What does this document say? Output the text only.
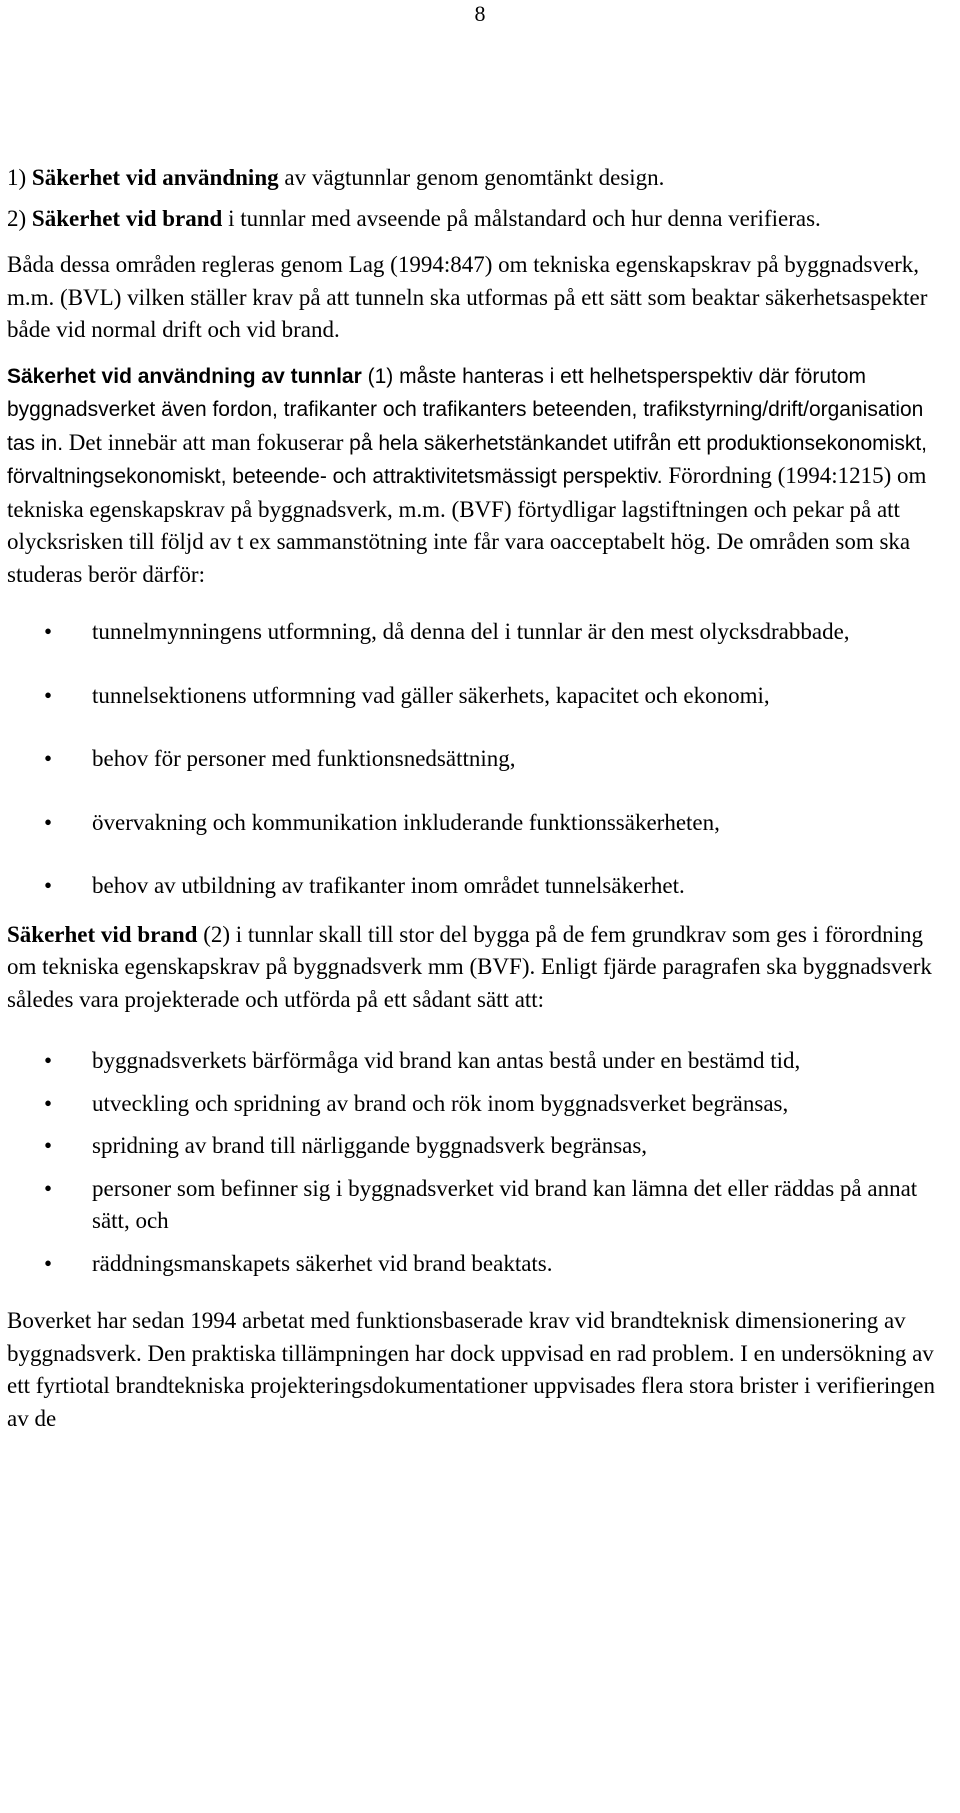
8

1) Säkerhet vid användning av vägtunnlar genom genomtänkt design.

2) Säkerhet vid brand i tunnlar med avseende på målstandard och hur denna verifieras.

Båda dessa områden regleras genom Lag (1994:847) om tekniska egenskapskrav på byggnadsverk, m.m. (BVL) vilken ställer krav på att tunneln ska utformas på ett sätt som beaktar säkerhetsaspekter både vid normal drift och vid brand.

Säkerhet vid användning av tunnlar (1) måste hanteras i ett helhetsperspektiv där förutom byggnadsverket även fordon, trafikanter och trafikanters beteenden, trafikstyrning/drift/organisation tas in. Det innebär att man fokuserar på hela säkerhetstänkandet utifrån ett produktionsekonomiskt, förvaltningsekonomiskt, beteende- och attraktivitetsmässigt perspektiv. Förordning (1994:1215) om tekniska egenskapskrav på byggnadsverk, m.m. (BVF) förtydligar lagstiftningen och pekar på att olycksrisken till följd av t ex sammanstötning inte får vara oacceptabelt hög. De områden som ska studeras berör därför:

• tunnelmynningens utformning, då denna del i tunnlar är den mest olycksdrabbade,
• tunnelsektionens utformning vad gäller säkerhets, kapacitet och ekonomi,
• behov för personer med funktionsnedsättning,
• övervakning och kommunikation inkluderande funktionssäkerheten,
• behov av utbildning av trafikanter inom området tunnelsäkerhet.

Säkerhet vid brand (2) i tunnlar skall till stor del bygga på de fem grundkrav som ges i förordning om tekniska egenskapskrav på byggnadsverk mm (BVF). Enligt fjärde paragrafen ska byggnadsverk således vara projekterade och utförda på ett sådant sätt att:

• byggnadsverkets bärförmåga vid brand kan antas bestå under en bestämd tid,
• utveckling och spridning av brand och rök inom byggnadsverket begränsas,
• spridning av brand till närliggande byggnadsverk begränsas,
• personer som befinner sig i byggnadsverket vid brand kan lämna det eller räddas på annat sätt, och
• räddningsmanskapets säkerhet vid brand beaktats.

Boverket har sedan 1994 arbetat med funktionsbaserade krav vid brandteknisk dimensionering av byggnadsverk. Den praktiska tillämpningen har dock uppvisad en rad problem. I en undersökning av ett fyrtiotal brandtekniska projekteringsdokumentationer uppvisades flera stora brister i verifieringen av de
